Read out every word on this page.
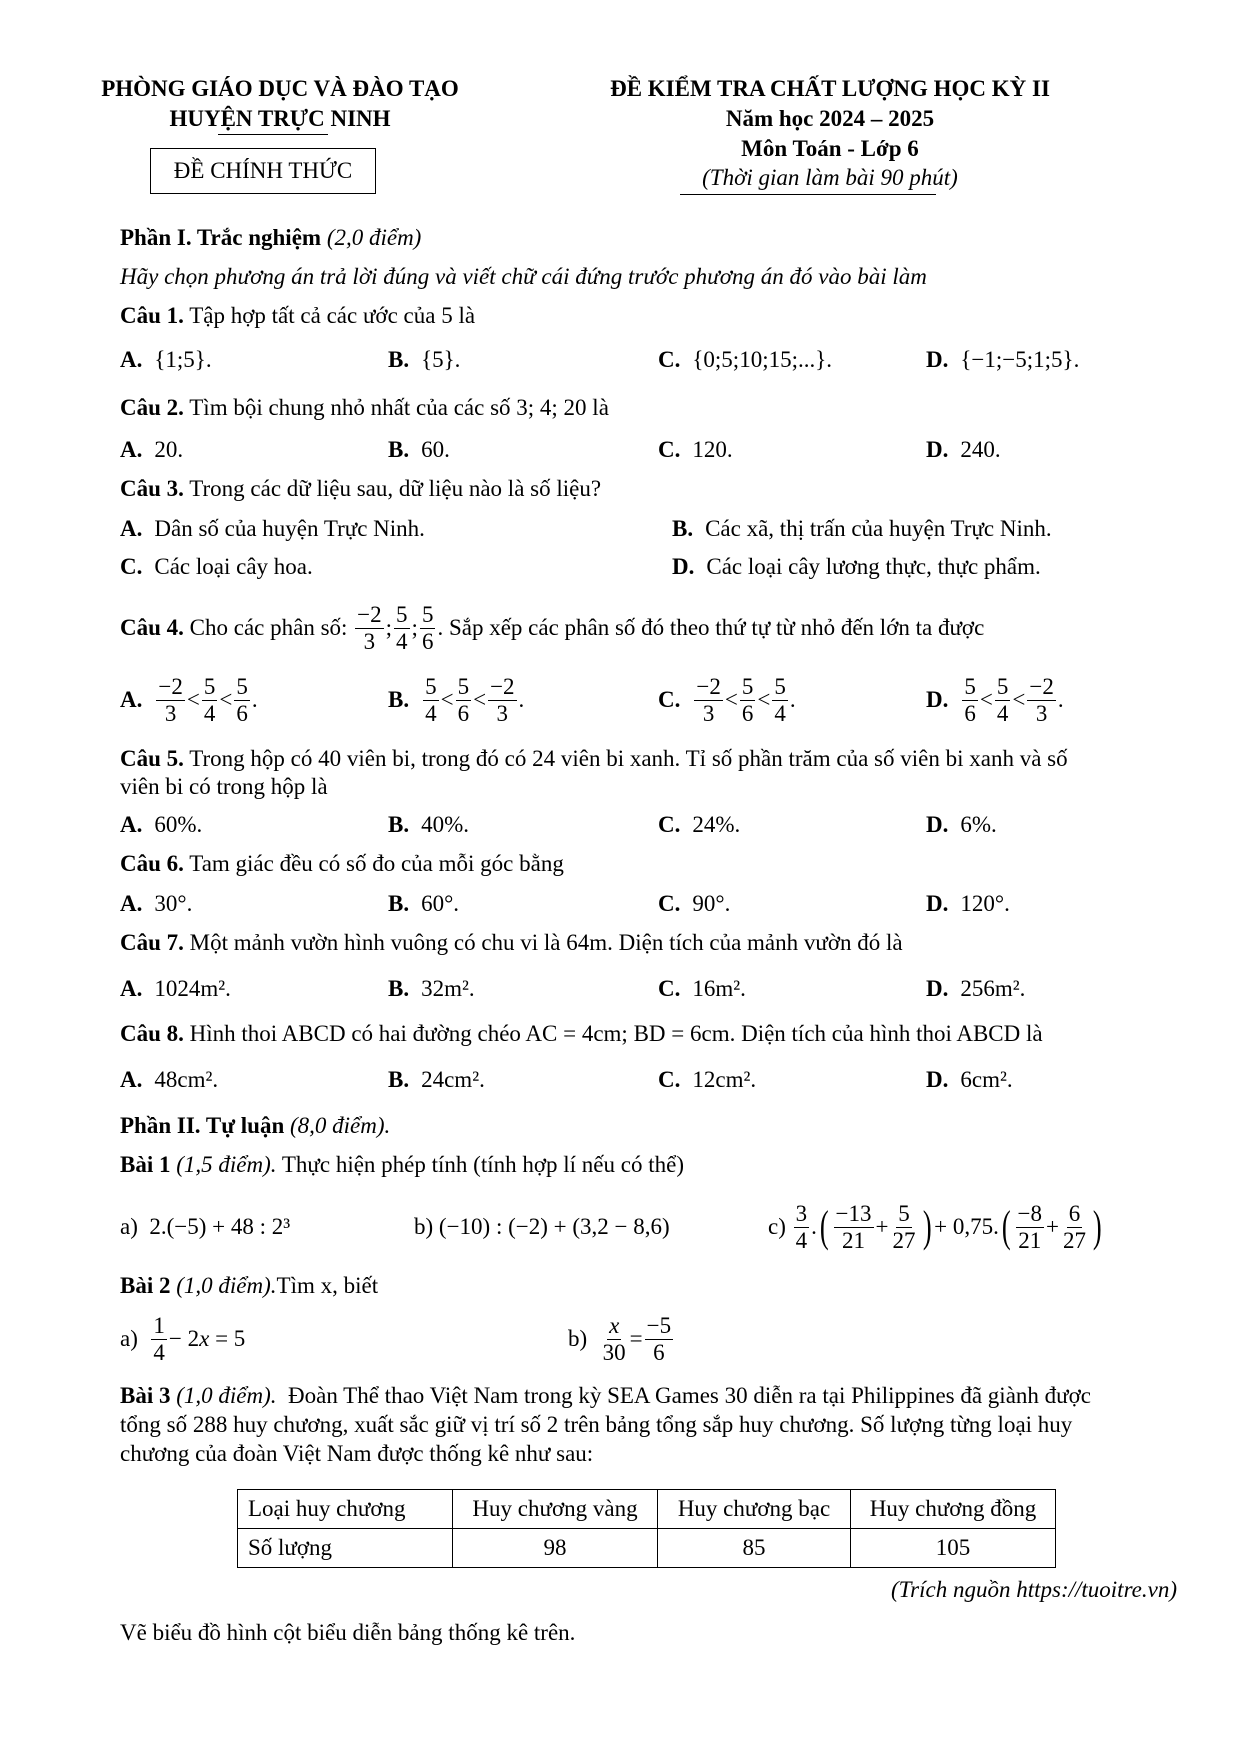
PHÒNG GIÁO DỤC VÀ ĐÀO TẠO
HUYỆN TRỰC NINH
ĐỀ CHÍNH THỨC
ĐỀ KIỂM TRA CHẤT LƯỢNG HỌC KỲ II
Năm học 2024 – 2025
Môn Toán - Lớp 6
(Thời gian làm bài 90 phút)
Phần I. Trắc nghiệm (2,0 điểm)
Hãy chọn phương án trả lời đúng và viết chữ cái đứng trước phương án đó vào bài làm
Câu 1. Tập hợp tất cả các ước của 5 là
A. {1;5}.	B. {5}.	C. {0;5;10;15;...}.	D. {−1;−5;1;5}.
Câu 2. Tìm bội chung nhỏ nhất của các số 3; 4; 20 là
A. 20.	B. 60.	C. 120.	D. 240.
Câu 3. Trong các dữ liệu sau, dữ liệu nào là số liệu?
A. Dân số của huyện Trực Ninh.	B. Các xã, thị trấn của huyện Trực Ninh.
C. Các loại cây hoa.	D. Các loại cây lương thực, thực phẩm.
Câu 4.
Cho các phân số:
$\frac{-2}{3}$ ; $\frac{5}{4}$ ; $\frac{5}{6}$ . Sắp xếp các phân số đó theo thứ tự từ nhỏ đến lớn ta được
A. $\frac{-2}{3} < \frac{5}{4} < \frac{5}{6}$ .	B. $\frac{5}{4} < \frac{5}{6} < \frac{-2}{3}$ .	C. $\frac{-2}{3} < \frac{5}{6} < \frac{5}{4}$ .	D. $\frac{5}{6} < \frac{5}{4} < \frac{-2}{3}$ .
Câu 5. Trong hộp có 40 viên bi, trong đó có 24 viên bi xanh. Tỉ số phần trăm của số viên bi xanh và số
viên bi có trong hộp là
A. 60%.	B. 40%.	C. 24%.	D. 6%.
Câu 6. Tam giác đều có số đo của mỗi góc bằng
A. 30°.	B. 60°.	C. 90°.	D. 120°.
Câu 7. Một mảnh vườn hình vuông có chu vi là 64m. Diện tích của mảnh vườn đó là
A. 1024m².	B. 32m².	C. 16m².	D. 256m².
Câu 8. Hình thoi ABCD có hai đường chéo AC = 4cm; BD = 6cm. Diện tích của hình thoi ABCD là
A. 48cm².	B. 24cm².	C. 12cm².	D. 6cm².
Phần II. Tự luận (8,0 điểm).
Bài 1 (1,5 điểm). Thực hiện phép tính (tính hợp lí nếu có thể)
a) 2.(−5) + 48 : 2³	b) (−10) : (−2) + (3,2 − 8,6)	$c) \frac{3}{4}$ . ( $\frac{-13}{21} + \frac{5}{27}$ ) + 0,75. ( $\frac{-8}{21} + \frac{6}{27}$ )
Bài 2 (1,0 điểm).Tìm x, biết
$a) \frac{1}{4} - 2$ x = 5	$b) \frac{x}{30} = \frac{-5}{6}$
Bài 3 (1,0 điểm). Đoàn Thể thao Việt Nam trong kỳ SEA Games 30 diễn ra tại Philippines đã giành được
tổng số 288 huy chương, xuất sắc giữ vị trí số 2 trên bảng tổng sắp huy chương. Số lượng từng loại huy
chương của đoàn Việt Nam được thống kê như sau:
Loại huy chương	Huy chương vàng	Huy chương bạc	Huy chương đồng
Số lượng	98	85	105
(Trích nguồn https://tuoitre.vn)
Vẽ biểu đồ hình cột biểu diễn bảng thống kê trên.
